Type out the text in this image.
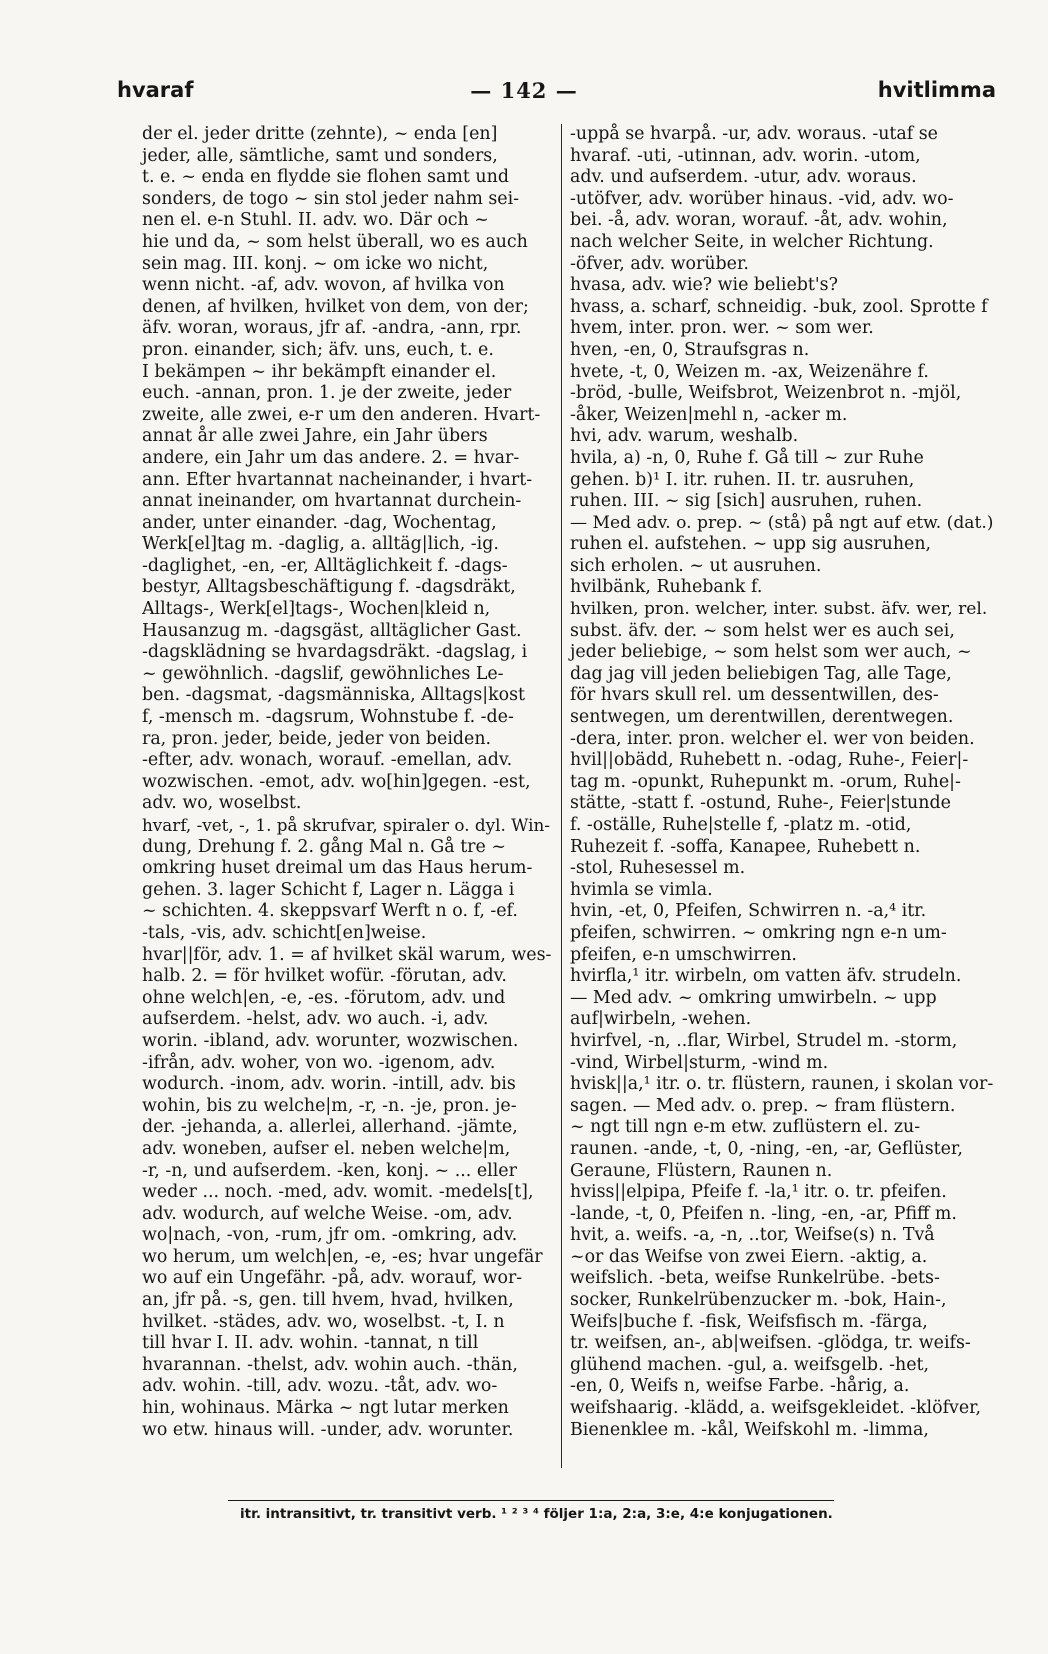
hvaraf	— 142 —	hvitlimma
der el. jeder dritte (zehnte), ~ enda [en]
jeder, alle, sämtliche, samt und sonders,
t. e. ~ enda en flydde sie flohen samt und
sonders, de togo ~ sin stol jeder nahm sei-
nen el. e-n Stuhl. II. adv. wo. Där och ~
hie und da, ~ som helst überall, wo es auch
sein mag. III. konj. ~ om icke wo nicht,
wenn nicht. -af, adv. wovon, af hvilka von
denen, af hvilken, hvilket von dem, von der;
äfv. woran, woraus, jfr af. -andra, -ann, rpr.
pron. einander, sich; äfv. uns, euch, t. e.
I bekämpen ~ ihr bekämpft einander el.
euch. -annan, pron. 1. je der zweite, jeder
zweite, alle zwei, e-r um den anderen. Hvart-
annat år alle zwei Jahre, ein Jahr übers
andere, ein Jahr um das andere. 2. = hvar-
ann. Efter hvartannat nacheinander, i hvart-
annat ineinander, om hvartannat durchein-
ander, unter einander. -dag, Wochentag,
Werk[el]tag m. -daglig, a. alltäg|lich, -ig.
-daglighet, -en, -er, Alltäglichkeit f. -dags-
bestyr, Alltagsbeschäftigung f. -dagsdräkt,
Alltags-, Werk[el]tags-, Wochen|kleid n,
Hausanzug m. -dagsgäst, alltäglicher Gast.
-dagsklädning se hvardagsdräkt. -dagslag, i
~ gewöhnlich. -dagslif, gewöhnliches Le-
ben. -dagsmat, -dagsmänniska, Alltags|kost
f, -mensch m. -dagsrum, Wohnstube f. -de-
ra, pron. jeder, beide, jeder von beiden.
-efter, adv. wonach, worauf. -emellan, adv.
wozwischen. -emot, adv. wo[hin]gegen. -est,
adv. wo, woselbst.
hvarf, -vet, -, 1. på skrufvar, spiraler o. dyl. Win-
dung, Drehung f. 2. gång Mal n. Gå tre ~
omkring huset dreimal um das Haus herum-
gehen. 3. lager Schicht f, Lager n. Lägga i
~ schichten. 4. skeppsvarf Werft n o. f, -ef.
-tals, -vis, adv. schicht[en]weise.
hvar||för, adv. 1. = af hvilket skäl warum, wes-
halb. 2. = för hvilket wofür. -förutan, adv.
ohne welch|en, -e, -es. -förutom, adv. und
aufserdem. -helst, adv. wo auch. -i, adv.
worin. -ibland, adv. worunter, wozwischen.
-ifrån, adv. woher, von wo. -igenom, adv.
wodurch. -inom, adv. worin. -intill, adv. bis
wohin, bis zu welche|m, -r, -n. -je, pron. je-
der. -jehanda, a. allerlei, allerhand. -jämte,
adv. woneben, aufser el. neben welche|m,
-r, -n, und aufserdem. -ken, konj. ~ ... eller
weder ... noch. -med, adv. womit. -medels[t],
adv. wodurch, auf welche Weise. -om, adv.
wo|nach, -von, -rum, jfr om. -omkring, adv.
wo herum, um welch|en, -e, -es; hvar ungefär
wo auf ein Ungefähr. -på, adv. worauf, wor-
an, jfr på. -s, gen. till hvem, hvad, hvilken,
hvilket. -städes, adv. wo, woselbst. -t, I. n
till hvar I. II. adv. wohin. -tannat, n till
hvarannan. -thelst, adv. wohin auch. -thän,
adv. wohin. -till, adv. wozu. -tåt, adv. wo-
hin, wohinaus. Märka ~ ngt lutar merken
wo etw. hinaus will. -under, adv. worunter.
-uppå se hvarpå. -ur, adv. woraus. -utaf se
hvaraf. -uti, -utinnan, adv. worin. -utom,
adv. und aufserdem. -utur, adv. woraus.
-utöfver, adv. worüber hinaus. -vid, adv. wo-
bei. -å, adv. woran, worauf. -åt, adv. wohin,
nach welcher Seite, in welcher Richtung.
-öfver, adv. worüber.
hvasa, adv. wie? wie beliebt's?
hvass, a. scharf, schneidig. -buk, zool. Sprotte f
hvem, inter. pron. wer. ~ som wer.
hven, -en, 0, Straufsgras n.
hvete, -t, 0, Weizen m. -ax, Weizenähre f.
-bröd, -bulle, Weifsbrot, Weizenbrot n. -mjöl,
-åker, Weizen|mehl n, -acker m.
hvi, adv. warum, weshalb.
hvila, a) -n, 0, Ruhe f. Gå till ~ zur Ruhe
gehen. b)¹ I. itr. ruhen. II. tr. ausruhen,
ruhen. III. ~ sig [sich] ausruhen, ruhen.
— Med adv. o. prep. ~ (stå) på ngt auf etw. (dat.)
ruhen el. aufstehen. ~ upp sig ausruhen,
sich erholen. ~ ut ausruhen.
hvilbänk, Ruhebank f.
hvilken, pron. welcher, inter. subst. äfv. wer, rel.
subst. äfv. der. ~ som helst wer es auch sei,
jeder beliebige, ~ som helst som wer auch, ~
dag jag vill jeden beliebigen Tag, alle Tage,
för hvars skull rel. um dessentwillen, des-
sentwegen, um derentwillen, derentwegen.
-dera, inter. pron. welcher el. wer von beiden.
hvil||obädd, Ruhebett n. -odag, Ruhe-, Feier|-
tag m. -opunkt, Ruhepunkt m. -orum, Ruhe|-
stätte, -statt f. -ostund, Ruhe-, Feier|stunde
f. -oställe, Ruhe|stelle f, -platz m. -otid,
Ruhezeit f. -soffa, Kanapee, Ruhebett n.
-stol, Ruhesessel m.
hvimla se vimla.
hvin, -et, 0, Pfeifen, Schwirren n. -a,⁴ itr.
pfeifen, schwirren. ~ omkring ngn e-n um-
pfeifen, e-n umschwirren.
hvirfla,¹ itr. wirbeln, om vatten äfv. strudeln.
— Med adv. ~ omkring umwirbeln. ~ upp
auf|wirbeln, -wehen.
hvirfvel, -n, ..flar, Wirbel, Strudel m. -storm,
-vind, Wirbel|sturm, -wind m.
hvisk||a,¹ itr. o. tr. flüstern, raunen, i skolan vor-
sagen. — Med adv. o. prep. ~ fram flüstern.
~ ngt till ngn e-m etw. zuflüstern el. zu-
raunen. -ande, -t, 0, -ning, -en, -ar, Geflüster,
Geraune, Flüstern, Raunen n.
hviss||elpipa, Pfeife f. -la,¹ itr. o. tr. pfeifen.
-lande, -t, 0, Pfeifen n. -ling, -en, -ar, Pfiff m.
hvit, a. weifs. -a, -n, ..tor, Weifse(s) n. Två
~or das Weifse von zwei Eiern. -aktig, a.
weifslich. -beta, weifse Runkelrübe. -bets-
socker, Runkelrübenzucker m. -bok, Hain-,
Weifs|buche f. -fisk, Weifsfisch m. -färga,
tr. weifsen, an-, ab|weifsen. -glödga, tr. weifs-
glühend machen. -gul, a. weifsgelb. -het,
-en, 0, Weifs n, weifse Farbe. -hårig, a.
weifshaarig. -klädd, a. weifsgekleidet. -klöfver,
Bienenklee m. -kål, Weifskohl m. -limma,
itr. intransitivt, tr. transitivt verb. ¹ ² ³ ⁴ följer 1:a, 2:a, 3:e, 4:e konjugationen.
